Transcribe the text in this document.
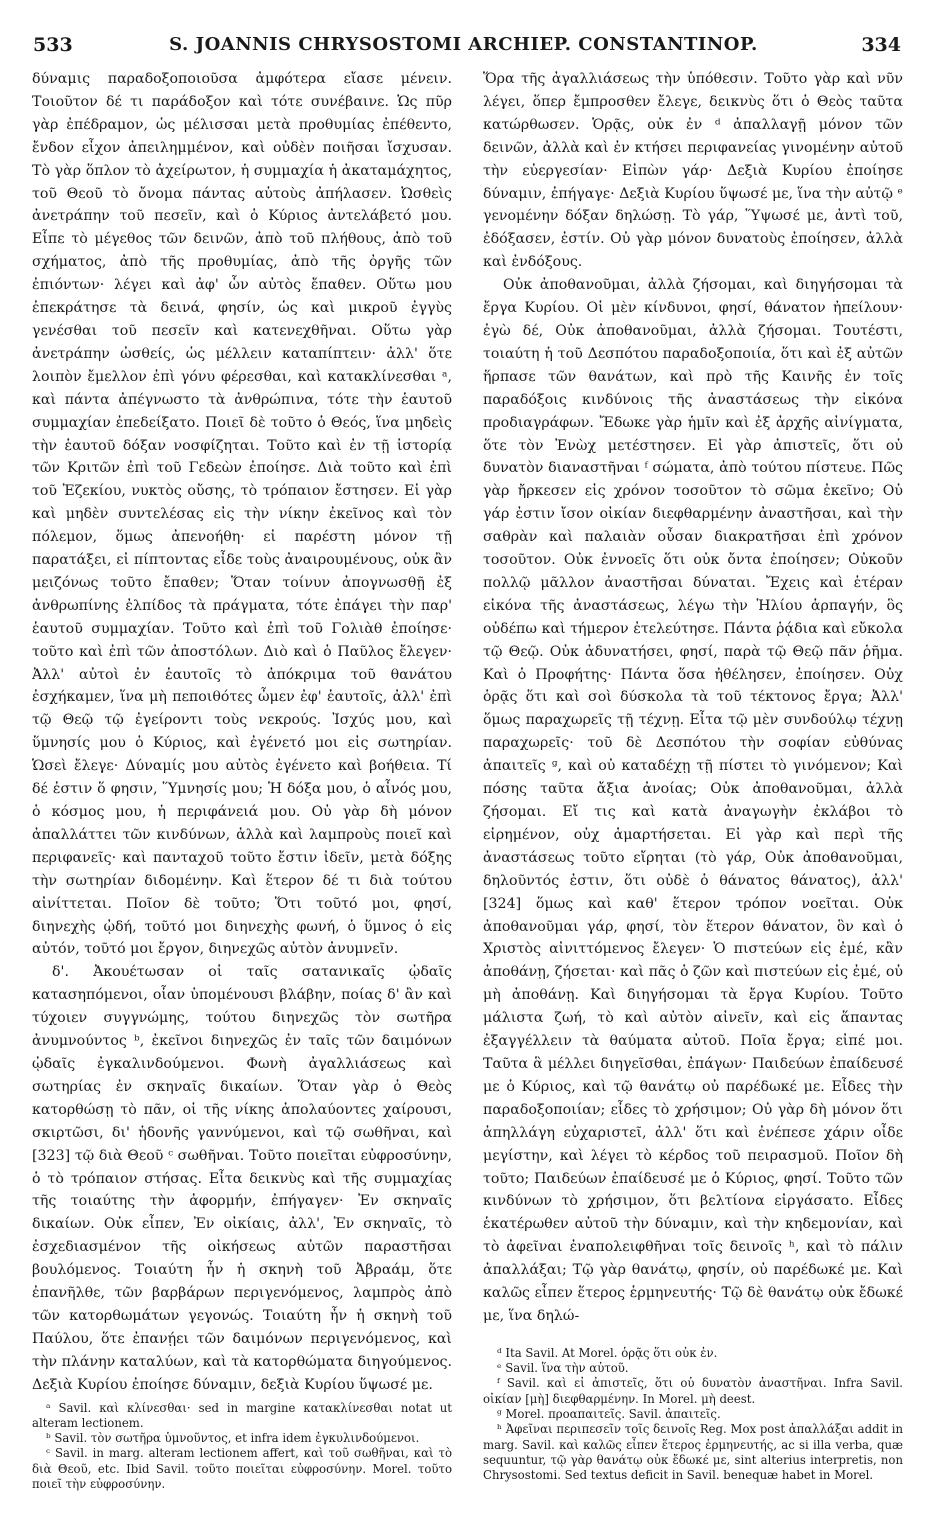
533	S. JOANNIS CHRYSOSTOMI ARCHIEP. CONSTANTINOP.	334

δύναμις παραδοξοποιοῦσα ἀμφότερα εἴασε μένειν. Τοιοῦτον δέ τι παράδοξον καὶ τότε συνέβαινε. Ὡς πῦρ γὰρ ἐπέδραμον, ὡς μέλισσαι μετὰ προθυμίας ἐπέθεντο, ἔνδον εἶχον ἀπειλημμένον, καὶ οὐδὲν ποιῆσαι ἴσχυσαν. Τὸ γὰρ ὅπλον τὸ ἀχείρωτον, ἡ συμμαχία ἡ ἀκαταμάχητος, τοῦ Θεοῦ τὸ ὄνομα πάντας αὐτοὺς ἀπήλασεν. Ὠσθεὶς ἀνετράπην τοῦ πεσεῖν, καὶ ὁ Κύριος ἀντελάβετό μου. Εἶπε τὸ μέγεθος τῶν δεινῶν, ἀπὸ τοῦ πλήθους, ἀπὸ τοῦ σχήματος, ἀπὸ τῆς προθυμίας, ἀπὸ τῆς ὀργῆς τῶν ἐπιόντων· λέγει καὶ ἀφ' ὧν αὐτὸς ἔπαθεν. Οὕτω μου ἐπεκράτησε τὰ δεινά, φησίν, ὡς καὶ μικροῦ ἐγγὺς γενέσθαι τοῦ πεσεῖν καὶ κατενεχθῆναι. Οὕτω γὰρ ἀνετράπην ὠσθείς, ὡς μέλλειν καταπίπτειν· ἀλλ' ὅτε λοιπὸν ἔμελλον ἐπὶ γόνυ φέρεσθαι, καὶ κατακλίνεσθαι ᵃ, καὶ πάντα ἀπέγνωστο τὰ ἀνθρώπινα, τότε τὴν ἑαυτοῦ συμμαχίαν ἐπεδείξατο. Ποιεῖ δὲ τοῦτο ὁ Θεός, ἵνα μηδεὶς τὴν ἑαυτοῦ δόξαν νοσφίζηται. Τοῦτο καὶ ἐν τῇ ἱστορίᾳ τῶν Κριτῶν ἐπὶ τοῦ Γεδεὼν ἐποίησε. Διὰ τοῦτο καὶ ἐπὶ τοῦ Ἐζεκίου, νυκτὸς οὔσης, τὸ τρόπαιον ἔστησεν. Εἰ γὰρ καὶ μηδὲν συντελέσας εἰς τὴν νίκην ἐκεῖνος καὶ τὸν πόλεμον, ὅμως ἀπενοήθη· εἰ παρέστη μόνον τῇ παρατάξει, εἰ πίπτοντας εἶδε τοὺς ἀναιρουμένους, οὐκ ἂν μειζόνως τοῦτο ἔπαθεν; Ὅταν τοίνυν ἀπογνωσθῇ ἐξ ἀνθρωπίνης ἐλπίδος τὰ πράγματα, τότε ἐπάγει τὴν παρ' ἑαυτοῦ συμμαχίαν. Τοῦτο καὶ ἐπὶ τοῦ Γολιὰθ ἐποίησε· τοῦτο καὶ ἐπὶ τῶν ἀποστόλων. Διὸ καὶ ὁ Παῦλος ἔλεγεν· Ἀλλ' αὐτοὶ ἐν ἑαυτοῖς τὸ ἀπόκριμα τοῦ θανάτου ἐσχήκαμεν, ἵνα μὴ πεποιθότες ὦμεν ἐφ' ἑαυτοῖς, ἀλλ' ἐπὶ τῷ Θεῷ τῷ ἐγείροντι τοὺς νεκρούς. Ἰσχύς μου, καὶ ὕμνησίς μου ὁ Κύριος, καὶ ἐγένετό μοι εἰς σωτηρίαν. Ὡσεὶ ἔλεγε· Δύναμίς μου αὐτὸς ἐγένετο καὶ βοήθεια. Τί δέ ἐστιν ὅ φησιν, Ὕμνησίς μου; Ἡ δόξα μου, ὁ αἶνός μου, ὁ κόσμος μου, ἡ περιφάνειά μου. Οὐ γὰρ δὴ μόνον ἀπαλλάττει τῶν κινδύνων, ἀλλὰ καὶ λαμπροὺς ποιεῖ καὶ περιφανεῖς· καὶ πανταχοῦ τοῦτο ἔστιν ἰδεῖν, μετὰ δόξης τὴν σωτηρίαν διδομένην. Καὶ ἕτερον δέ τι διὰ τούτου αἰνίττεται. Ποῖον δὲ τοῦτο; Ὅτι τοῦτό μοι, φησί, διηνεχὴς ᾠδή, τοῦτό μοι διηνεχὴς φωνή, ὁ ὕμνος ὁ εἰς αὐτόν, τοῦτό μοι ἔργον, διηνεχῶς αὐτὸν ἀνυμνεῖν.

δ'. Ἀκουέτωσαν οἱ ταῖς σατανικαῖς ᾠδαῖς κατασηπόμενοι, οἷαν ὑπομένουσι βλάβην, ποίας δ' ἂν καὶ τύχοιεν συγγνώμης, τούτου διηνεχῶς τὸν σωτῆρα ἀνυμνούντος ᵇ, ἐκεῖνοι διηνεχῶς ἐν ταῖς τῶν δαιμόνων ᾠδαῖς ἐγκαλινδούμενοι. Φωνὴ ἀγαλλιάσεως καὶ σωτηρίας ἐν σκηναῖς δικαίων. Ὅταν γὰρ ὁ Θεὸς κατορθώσῃ τὸ πᾶν, οἱ τῆς νίκης ἀπολαύοντες χαίρουσι, σκιρτῶσι, δι' ἡδονῆς γαννύμενοι, καὶ τῷ σωθῆναι, καὶ [323] τῷ διὰ Θεοῦ ᶜ σωθῆναι. Τοῦτο ποιεῖται εὐφροσύνην, ὁ τὸ τρόπαιον στήσας. Εἶτα δεικνὺς καὶ τῆς συμμαχίας τῆς τοιαύτης τὴν ἀφορμήν, ἐπήγαγεν· Ἐν σκηναῖς δικαίων. Οὐκ εἶπεν, Ἐν οἰκίαις, ἀλλ', Ἐν σκηναῖς, τὸ ἐσχεδιασμένον τῆς οἰκήσεως αὐτῶν παραστῆσαι βουλόμενος. Τοιαύτη ἦν ἡ σκηνὴ τοῦ Ἀβραάμ, ὅτε ἐπανῆλθε, τῶν βαρβάρων περιγενόμενος, λαμπρὸς ἀπὸ τῶν κατορθωμάτων γεγονώς. Τοιαύτη ἦν ἡ σκηνὴ τοῦ Παύλου, ὅτε ἐπανῄει τῶν δαιμόνων περιγενόμενος, καὶ τὴν πλάνην καταλύων, καὶ τὰ κατορθώματα διηγούμενος. Δεξιὰ Κυρίου ἐποίησε δύναμιν, δεξιὰ Κυρίου ὕψωσέ με.

ᵃ Savil. καὶ κλίνεσθαι· sed in margine κατακλίνεσθαι notat ut alteram lectionem.

ᵇ Savil. τὸν σωτῆρα ὑμνοῦντος, et infra idem ἐγκυλινδούμενοι.

ᶜ Savil. in marg. alteram lectionem affert, καὶ τοῦ σωθῆναι, καὶ τὸ διὰ Θεοῦ, etc. Ibid Savil. τοῦτο ποιεῖται εὐφροσύνην. Morel. τοῦτο ποιεῖ τὴν εὐφροσύνην.

Ὅρα τῆς ἀγαλλιάσεως τὴν ὑπόθεσιν. Τοῦτο γὰρ καὶ νῦν λέγει, ὅπερ ἔμπροσθεν ἔλεγε, δεικνὺς ὅτι ὁ Θεὸς ταῦτα κατώρθωσεν. Ὁρᾷς, οὐκ ἐν ᵈ ἀπαλλαγῇ μόνον τῶν δεινῶν, ἀλλὰ καὶ ἐν κτήσει περιφανείας γινομένην αὐτοῦ τὴν εὐεργεσίαν· Εἰπὼν γάρ· Δεξιὰ Κυρίου ἐποίησε δύναμιν, ἐπήγαγε· Δεξιὰ Κυρίου ὕψωσέ με, ἵνα τὴν αὐτῷ ᵉ γενομένην δόξαν δηλώσῃ. Τὸ γάρ, Ὕψωσέ με, ἀντὶ τοῦ, ἐδόξασεν, ἐστίν. Οὐ γὰρ μόνον δυνατοὺς ἐποίησεν, ἀλλὰ καὶ ἐνδόξους.

Οὐκ ἀποθανοῦμαι, ἀλλὰ ζήσομαι, καὶ διηγήσομαι τὰ ἔργα Κυρίου. Οἱ μὲν κίνδυνοι, φησί, θάνατον ἠπείλουν· ἐγὼ δέ, Οὐκ ἀποθανοῦμαι, ἀλλὰ ζήσομαι. Τουτέστι, τοιαύτη ἡ τοῦ Δεσπότου παραδοξοποιία, ὅτι καὶ ἐξ αὐτῶν ἥρπασε τῶν θανάτων, καὶ πρὸ τῆς Καινῆς ἐν τοῖς παραδόξοις κινδύνοις τῆς ἀναστάσεως τὴν εἰκόνα προδιαγράφων. Ἔδωκε γὰρ ἡμῖν καὶ ἐξ ἀρχῆς αἰνίγματα, ὅτε τὸν Ἐνὼχ μετέστησεν. Εἰ γὰρ ἀπιστεῖς, ὅτι οὐ δυνατὸν διαναστῆναι ᶠ σώματα, ἀπὸ τούτου πίστευε. Πῶς γὰρ ἤρκεσεν εἰς χρόνον τοσοῦτον τὸ σῶμα ἐκεῖνο; Οὐ γάρ ἐστιν ἴσον οἰκίαν διεφθαρμένην ἀναστῆσαι, καὶ τὴν σαθρὰν καὶ παλαιὰν οὖσαν διακρατῆσαι ἐπὶ χρόνον τοσοῦτον. Οὐκ ἐννοεῖς ὅτι οὐκ ὄντα ἐποίησεν; Οὐκοῦν πολλῷ μᾶλλον ἀναστῆσαι δύναται. Ἔχεις καὶ ἑτέραν εἰκόνα τῆς ἀναστάσεως, λέγω τὴν Ἡλίου ἁρπαγήν, ὃς οὐδέπω καὶ τήμερον ἐτελεύτησε. Πάντα ῥᾴδια καὶ εὔκολα τῷ Θεῷ. Οὐκ ἀδυνατήσει, φησί, παρὰ τῷ Θεῷ πᾶν ῥῆμα. Καὶ ὁ Προφήτης· Πάντα ὅσα ἠθέλησεν, ἐποίησεν. Οὐχ ὁρᾷς ὅτι καὶ σοὶ δύσκολα τὰ τοῦ τέκτονος ἔργα; Ἀλλ' ὅμως παραχωρεῖς τῇ τέχνῃ. Εἶτα τῷ μὲν συνδούλῳ τέχνῃ παραχωρεῖς· τοῦ δὲ Δεσπότου τὴν σοφίαν εὐθύνας ἀπαιτεῖς ᵍ, καὶ οὐ καταδέχῃ τῇ πίστει τὸ γινόμενον; Καὶ πόσης ταῦτα ἄξια ἀνοίας; Οὐκ ἀποθανοῦμαι, ἀλλὰ ζήσομαι. Εἴ τις καὶ κατὰ ἀναγωγὴν ἐκλάβοι τὸ εἰρημένον, οὐχ ἁμαρτήσεται. Εἰ γὰρ καὶ περὶ τῆς ἀναστάσεως τοῦτο εἴρηται (τὸ γάρ, Οὐκ ἀποθανοῦμαι, δηλοῦντός ἐστιν, ὅτι οὐδὲ ὁ θάνατος θάνατος), ἀλλ' [324] ὅμως καὶ καθ' ἕτερον τρόπον νοεῖται. Οὐκ ἀποθανοῦμαι γάρ, φησί, τὸν ἕτερον θάνατον, ὃν καὶ ὁ Χριστὸς αἰνιττόμενος ἔλεγεν· Ὁ πιστεύων εἰς ἐμέ, κἂν ἀποθάνῃ, ζήσεται· καὶ πᾶς ὁ ζῶν καὶ πιστεύων εἰς ἐμέ, οὐ μὴ ἀποθάνῃ. Καὶ διηγήσομαι τὰ ἔργα Κυρίου. Τοῦτο μάλιστα ζωή, τὸ καὶ αὐτὸν αἰνεῖν, καὶ εἰς ἅπαντας ἐξαγγέλλειν τὰ θαύματα αὐτοῦ. Ποῖα ἔργα; εἰπέ μοι. Ταῦτα ἃ μέλλει διηγεῖσθαι, ἐπάγων· Παιδεύων ἐπαίδευσέ με ὁ Κύριος, καὶ τῷ θανάτῳ οὐ παρέδωκέ με. Εἶδες τὴν παραδοξοποιίαν; εἶδες τὸ χρήσιμον; Οὐ γὰρ δὴ μόνον ὅτι ἀπηλλάγη εὐχαριστεῖ, ἀλλ' ὅτι καὶ ἐνέπεσε χάριν οἶδε μεγίστην, καὶ λέγει τὸ κέρδος τοῦ πειρασμοῦ. Ποῖον δὴ τοῦτο; Παιδεύων ἐπαίδευσέ με ὁ Κύριος, φησί. Τοῦτο τῶν κινδύνων τὸ χρήσιμον, ὅτι βελτίονα εἰργάσατο. Εἶδες ἑκατέρωθεν αὐτοῦ τὴν δύναμιν, καὶ τὴν κηδεμονίαν, καὶ τὸ ἀφεῖναι ἐναπολειφθῆναι τοῖς δεινοῖς ʰ, καὶ τὸ πάλιν ἀπαλλάξαι; Τῷ γὰρ θανάτῳ, φησίν, οὐ παρέδωκέ με. Καὶ καλῶς εἶπεν ἕτερος ἑρμηνευτής· Τῷ δὲ θανάτῳ οὐκ ἔδωκέ με, ἵνα δηλώ-

ᵈ Ita Savil. At Morel. ὁρᾷς ὅτι οὐκ ἐν.

ᵉ Savil. ἵνα τὴν αὐτοῦ.

ᶠ Savil. καὶ εἰ ἀπιστεῖς, ὅτι οὐ δυνατὸν ἀναστῆναι. Infra Savil. οἰκίαν [μὴ] διεφθαρμένην. In Morel. μὴ deest.

ᵍ Morel. προαπαιτεῖς. Savil. ἀπαιτεῖς.

ʰ Ἀφεῖναι περιπεσεῖν τοῖς δεινοῖς Reg. Mox post ἀπαλλάξαι addit in marg. Savil. καὶ καλῶς εἶπεν ἕτερος ἑρμηνευτής, ac si illa verba, quæ sequuntur, τῷ γὰρ θανάτῳ οὐκ ἔδωκέ με, sint alterius interpretis, non Chrysostomi. Sed textus deficit in Savil. benequæ habet in Morel.
